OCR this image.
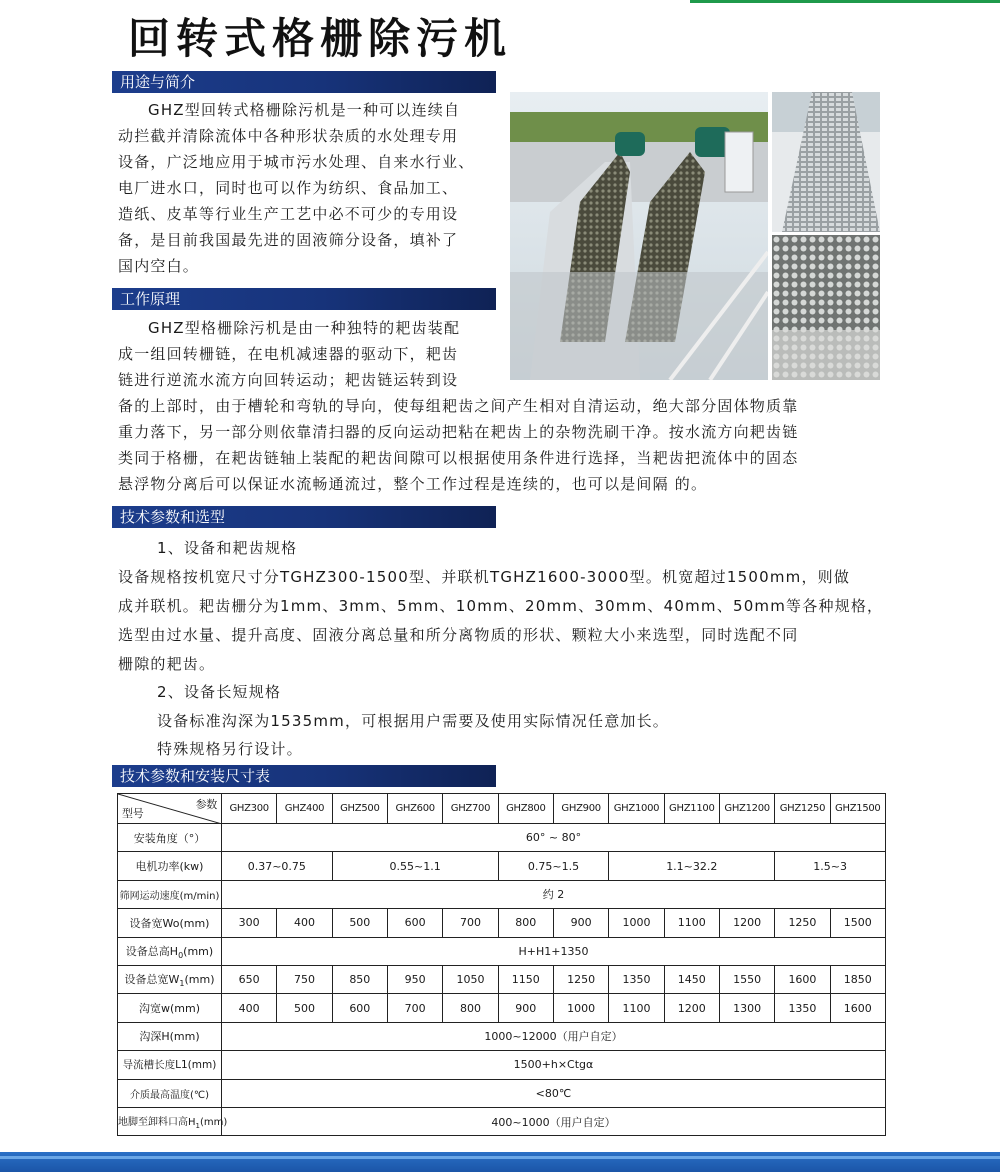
回转式格栅除污机
用途与简介

GHZ型回转式格栅除污机是一种可以连续自

动拦截并清除流体中各种形状杂质的水处理专用

设备，广泛地应用于城市污水处理、自来水行业、

电厂进水口，同时也可以作为纺织、食品加工、

造纸、皮革等行业生产工艺中必不可少的专用设

备，是目前我国最先进的固液筛分设备，填补了

国内空白。

工作原理

GHZ型格栅除污机是由一种独特的耙齿装配

成一组回转栅链，在电机减速器的驱动下，耙齿

链进行逆流水流方向回转运动；耙齿链运转到设

备的上部时，由于槽轮和弯轨的导向，使每组耙齿之间产生相对自清运动，绝大部分固体物质靠

重力落下，另一部分则依靠清扫器的反向运动把粘在耙齿上的杂物洗刷干净。按水流方向耙齿链

类同于格栅，在耙齿链轴上装配的耙齿间隙可以根据使用条件进行选择，当耙齿把流体中的固态

悬浮物分离后可以保证水流畅通流过，整个工作过程是连续的，也可以是间隔 的。

技术参数和选型

1、设备和耙齿规格

设备规格按机宽尺寸分TGHZ300-1500型、并联机TGHZ1600-3000型。机宽超过1500mm，则做

成并联机。耙齿栅分为1mm、3mm、5mm、10mm、20mm、30mm、40mm、50mm等各种规格，

选型由过水量、提升高度、固液分离总量和所分离物质的形状、颗粒大小来选型，同时选配不同

栅隙的耙齿。

2、设备长短规格

设备标准沟深为1535mm，可根据用户需要及使用实际情况任意加长。

特殊规格另行设计。

技术参数和安装尺寸表
参数
型号	GHZ300	GHZ400	GHZ500	GHZ600	GHZ700	GHZ800	GHZ900	GHZ1000	GHZ1100	GHZ1200	GHZ1250	GHZ1500
安装角度（°）	60° ~ 80°											
电机功率(kw)	0.37~0.75		0.55~1.1			0.75~1.5		1.1~32.2			1.5~3	
筛网运动速度(m/min)	约 2											
设备宽Wo(mm)	300	400	500	600	700	800	900	1000	1100	1200	1250	1500
设备总高$H_0(mm)$	H+H1+1350											
设备总宽$W_1(mm)$	650	750	850	950	1050	1150	1250	1350	1450	1550	1600	1850
沟宽w(mm)	400	500	600	700	800	900	1000	1100	1200	1300	1350	1600
沟深H(mm)	1000~12000（用户自定）											
导流槽长度L1(mm)	1500+h×Ctgα											
介质最高温度(℃)	<80℃											
地脚至卸料口高$H_1(mm)$	400~1000（用户自定）											
